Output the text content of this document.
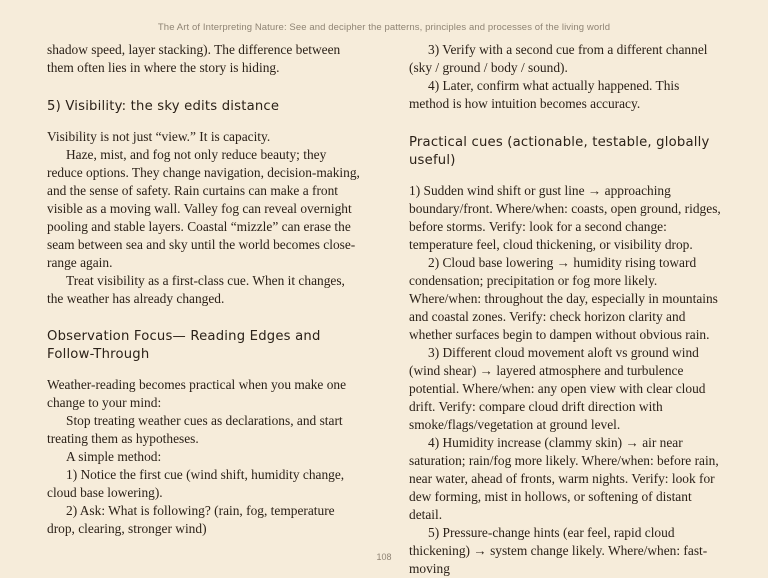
The Art of Interpreting Nature: See and decipher the patterns, principles and processes of the living world

shadow speed, layer stacking). The difference between them often lies in where the story is hiding.

5) Visibility: the sky edits distance

Visibility is not just “view.” It is capacity.

Haze, mist, and fog not only reduce beauty; they reduce options. They change navigation, decision-making, and the sense of safety. Rain curtains can make a front visible as a moving wall. Valley fog can reveal overnight pooling and stable layers. Coastal “mizzle” can erase the seam between sea and sky until the world becomes close-range again.

Treat visibility as a first-class cue. When it changes, the weather has already changed.

Observation Focus— Reading Edges and Follow-Through

Weather-reading becomes practical when you make one change to your mind:

Stop treating weather cues as declarations, and start treating them as hypotheses.

A simple method:

1) Notice the first cue (wind shift, humidity change, cloud base lowering).

2) Ask: What is following? (rain, fog, temperature drop, clearing, stronger wind)

3) Verify with a second cue from a different channel (sky / ground / body / sound).

4) Later, confirm what actually happened. This method is how intuition becomes accuracy.

Practical cues (actionable, testable, globally useful)

1) Sudden wind shift or gust line → approaching boundary/front. Where/when: coasts, open ground, ridges, before storms. Verify: look for a second change: temperature feel, cloud thickening, or visibility drop.

2) Cloud base lowering → humidity rising toward condensation; precipitation or fog more likely. Where/when: throughout the day, especially in mountains and coastal zones. Verify: check horizon clarity and whether surfaces begin to dampen without obvious rain.

3) Different cloud movement aloft vs ground wind (wind shear) → layered atmosphere and turbulence potential. Where/when: any open view with clear cloud drift. Verify: compare cloud drift direction with smoke/flags/vegetation at ground level.

4) Humidity increase (clammy skin) → air near saturation; rain/fog more likely. Where/when: before rain, near water, ahead of fronts, warm nights. Verify: look for dew forming, mist in hollows, or softening of distant detail.

5) Pressure-change hints (ear feel, rapid cloud thickening) → system change likely. Where/when: fast-moving

108
